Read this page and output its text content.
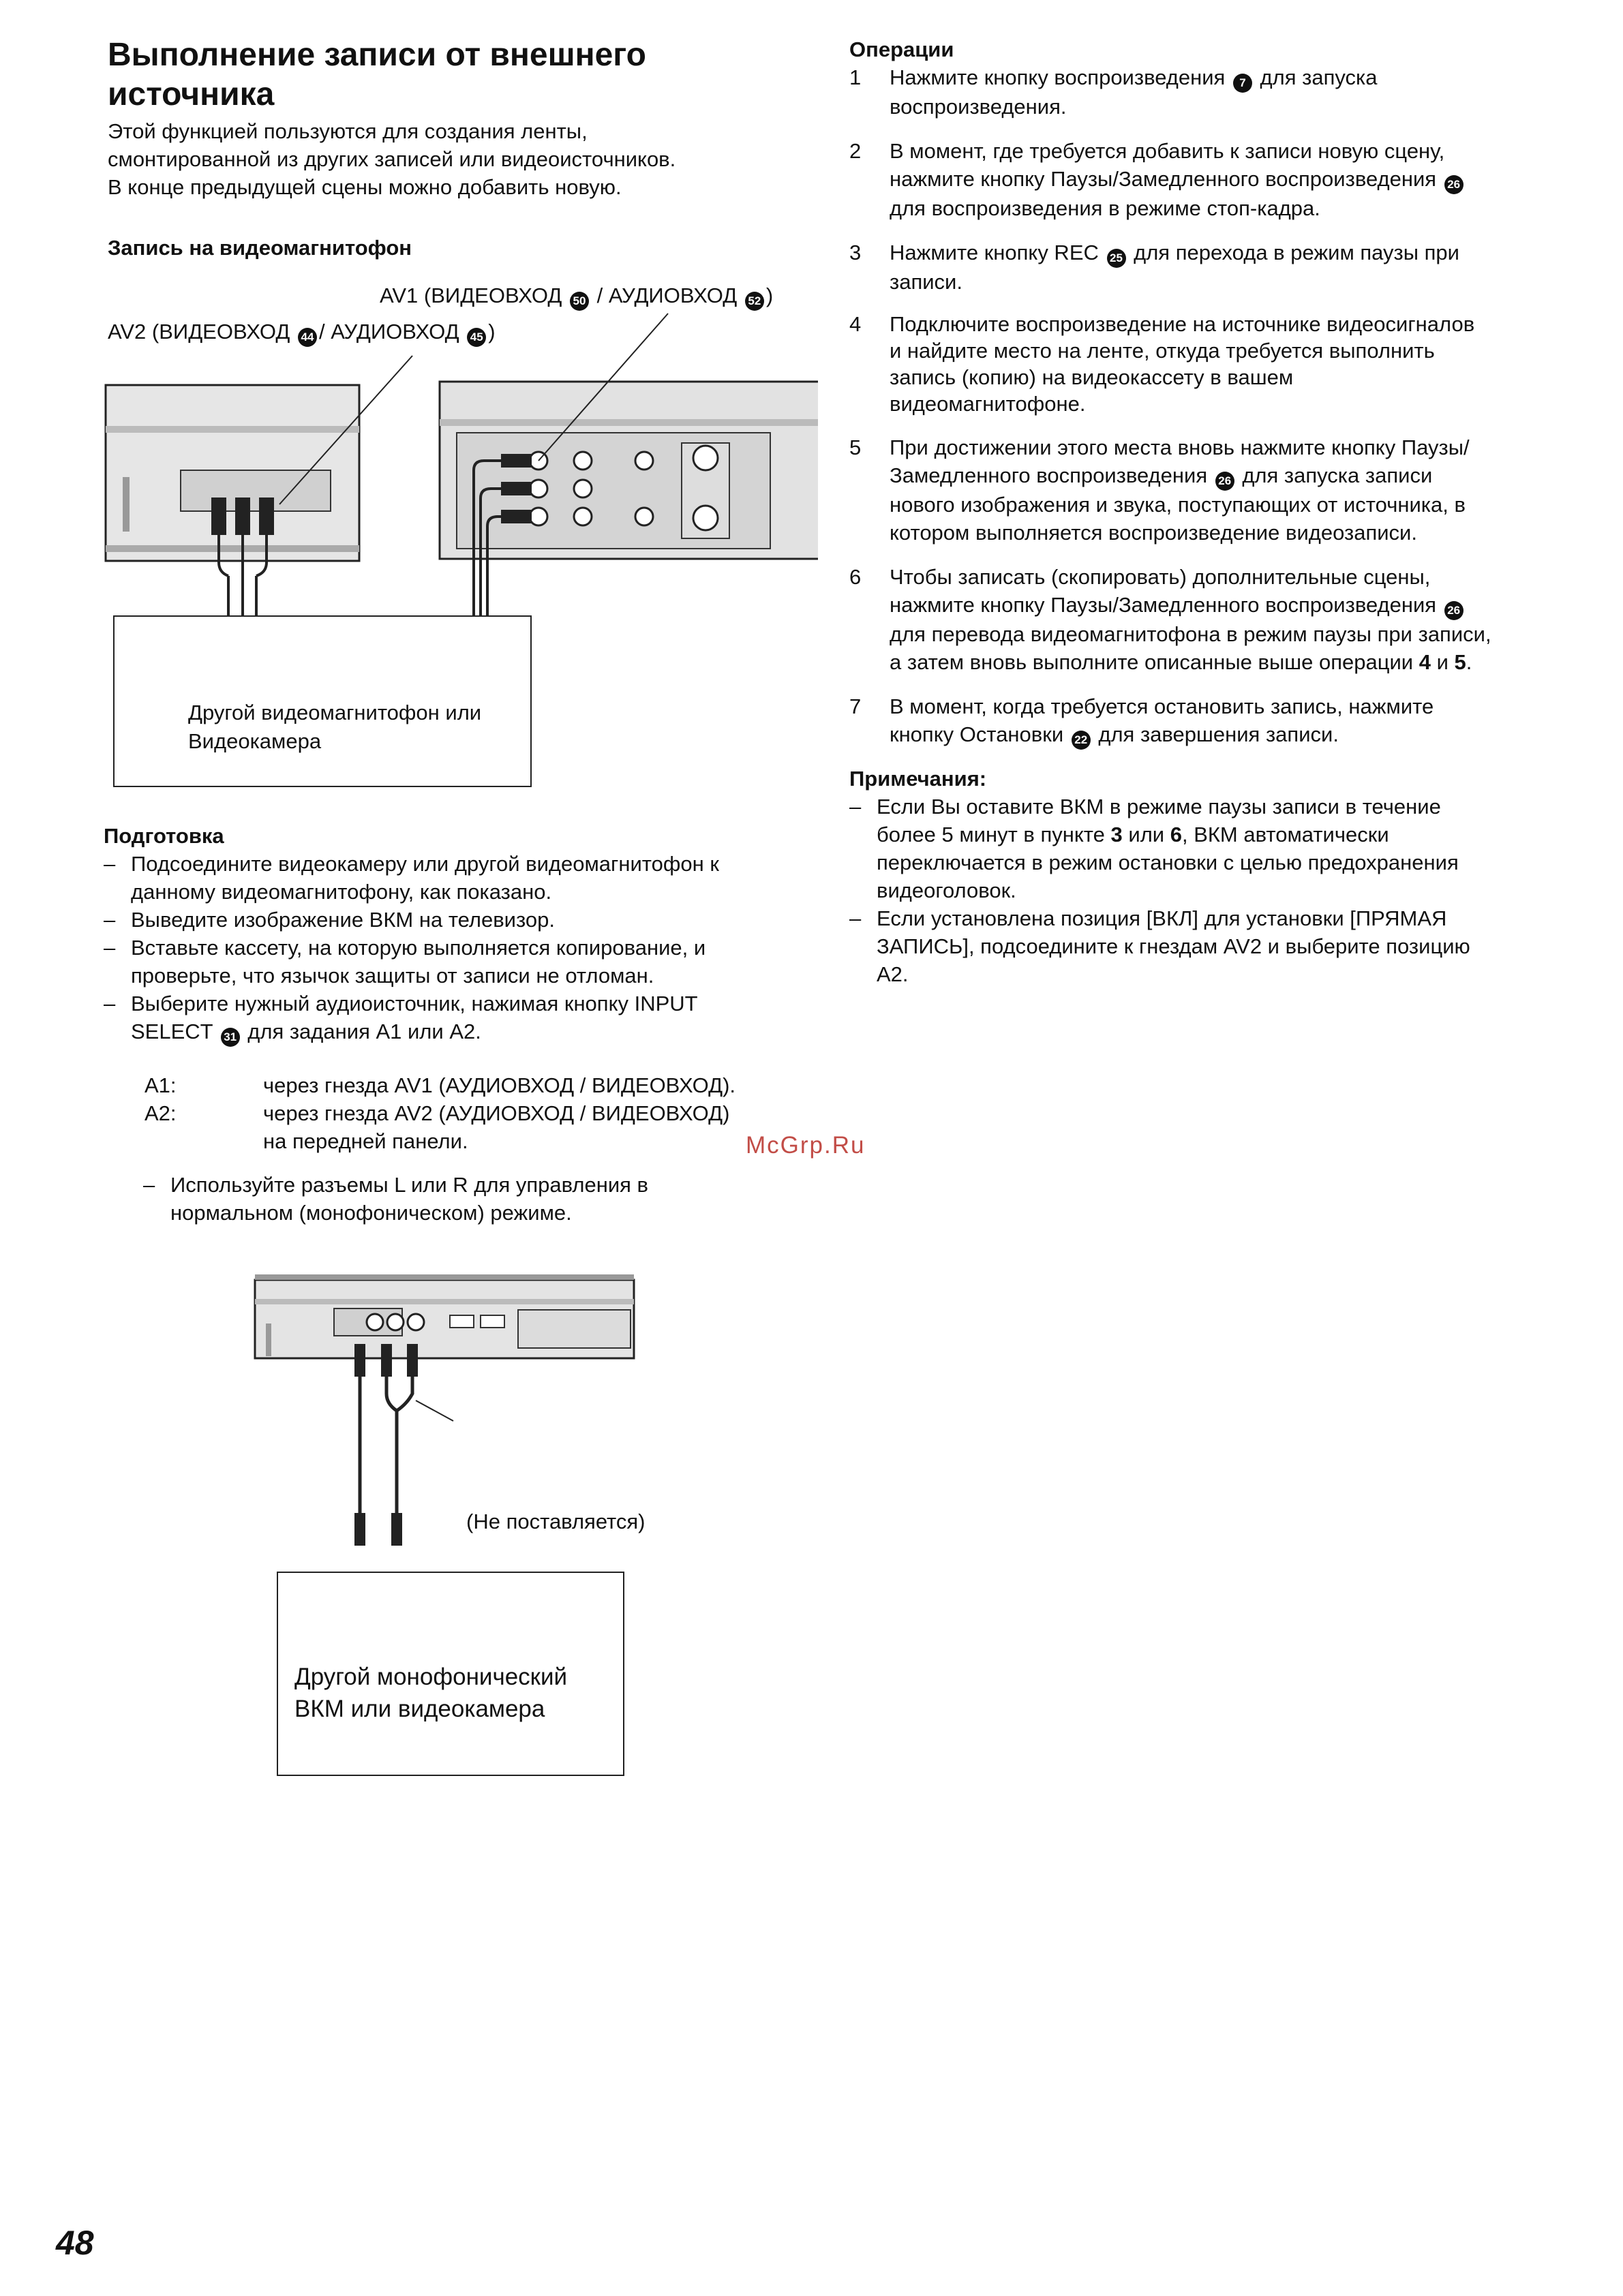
Выполнение записи от внешнего
источника
Этой функцией пользуются для создания ленты,
смонтированной из других записей или видеоисточников.
В конце предыдущей сцены можно добавить новую.
Запись на видеомагнитофон
AV1 (ВИДЕОВХОД 50 / АУДИОВХОД 52 )
AV2 (ВИДЕОВХОД 44 / АУДИОВХОД 45 )
Другой видеомагнитофон или
Видеокамера
Подготовка
– Подсоедините видеокамеру или другой видеомагнитофон к
данному видеомагнитофону, как показано.
– Выведите изображение ВКМ на телевизор.
– Вставьте кассету, на которую выполняется копирование, и
проверьте, что язычок защиты от записи не отломан.
– Выберите нужный аудиоисточник, нажимая кнопку INPUT
SELECT 31 для задания A1 или A2.
A1:	через гнезда AV1 (АУДИОВХОД / ВИДЕОВХОД).
A2:	через гнезда AV2 (АУДИОВХОД / ВИДЕОВХОД)
на передней панели.
– Используйте разъемы L или R для управления в
нормальном (монофоническом) режиме.
McGrp.Ru
(Не поставляется)
Другой монофонический
ВКМ или видеокамера
Операции
1 Нажмите кнопку воспроизведения 7 для запуска
воспроизведения.
2 В момент, где требуется добавить к записи новую сцену,
нажмите кнопку Паузы/Замедленного воспроизведения 26
для воспроизведения в режиме стоп-кадра.
3 Нажмите кнопку REC 25 для перехода в режим паузы при
записи.
4 Подключите воспроизведение на источнике видеосигналов
и найдите место на ленте, откуда требуется выполнить
запись (копию) на видеокассету в вашем
видеомагнитофоне.
5 При достижении этого места вновь нажмите кнопку Паузы/
Замедленного воспроизведения 26 для запуска записи
нового изображения и звука, поступающих от источника, в
котором выполняется воспроизведение видеозаписи.
6 Чтобы записать (скопировать) дополнительные сцены,
нажмите кнопку Паузы/Замедленного воспроизведения 26
для перевода видеомагнитофона в режим паузы при записи,
а затем вновь выполните описанные выше операции 4 и 5.
7 В момент, когда требуется остановить запись, нажмите
кнопку Остановки 22 для завершения записи.
Примечания:
– Если Вы оставите ВКМ в режиме паузы записи в течение
более 5 минут в пункте 3 или 6, ВКМ автоматически
переключается в режим остановки с целью предохранения
видеоголовок.
– Если установлена позиция [ВКЛ] для установки [ПРЯМАЯ
ЗАПИСЬ], подсоедините к гнездам AV2 и выберите позицию
A2.
48
